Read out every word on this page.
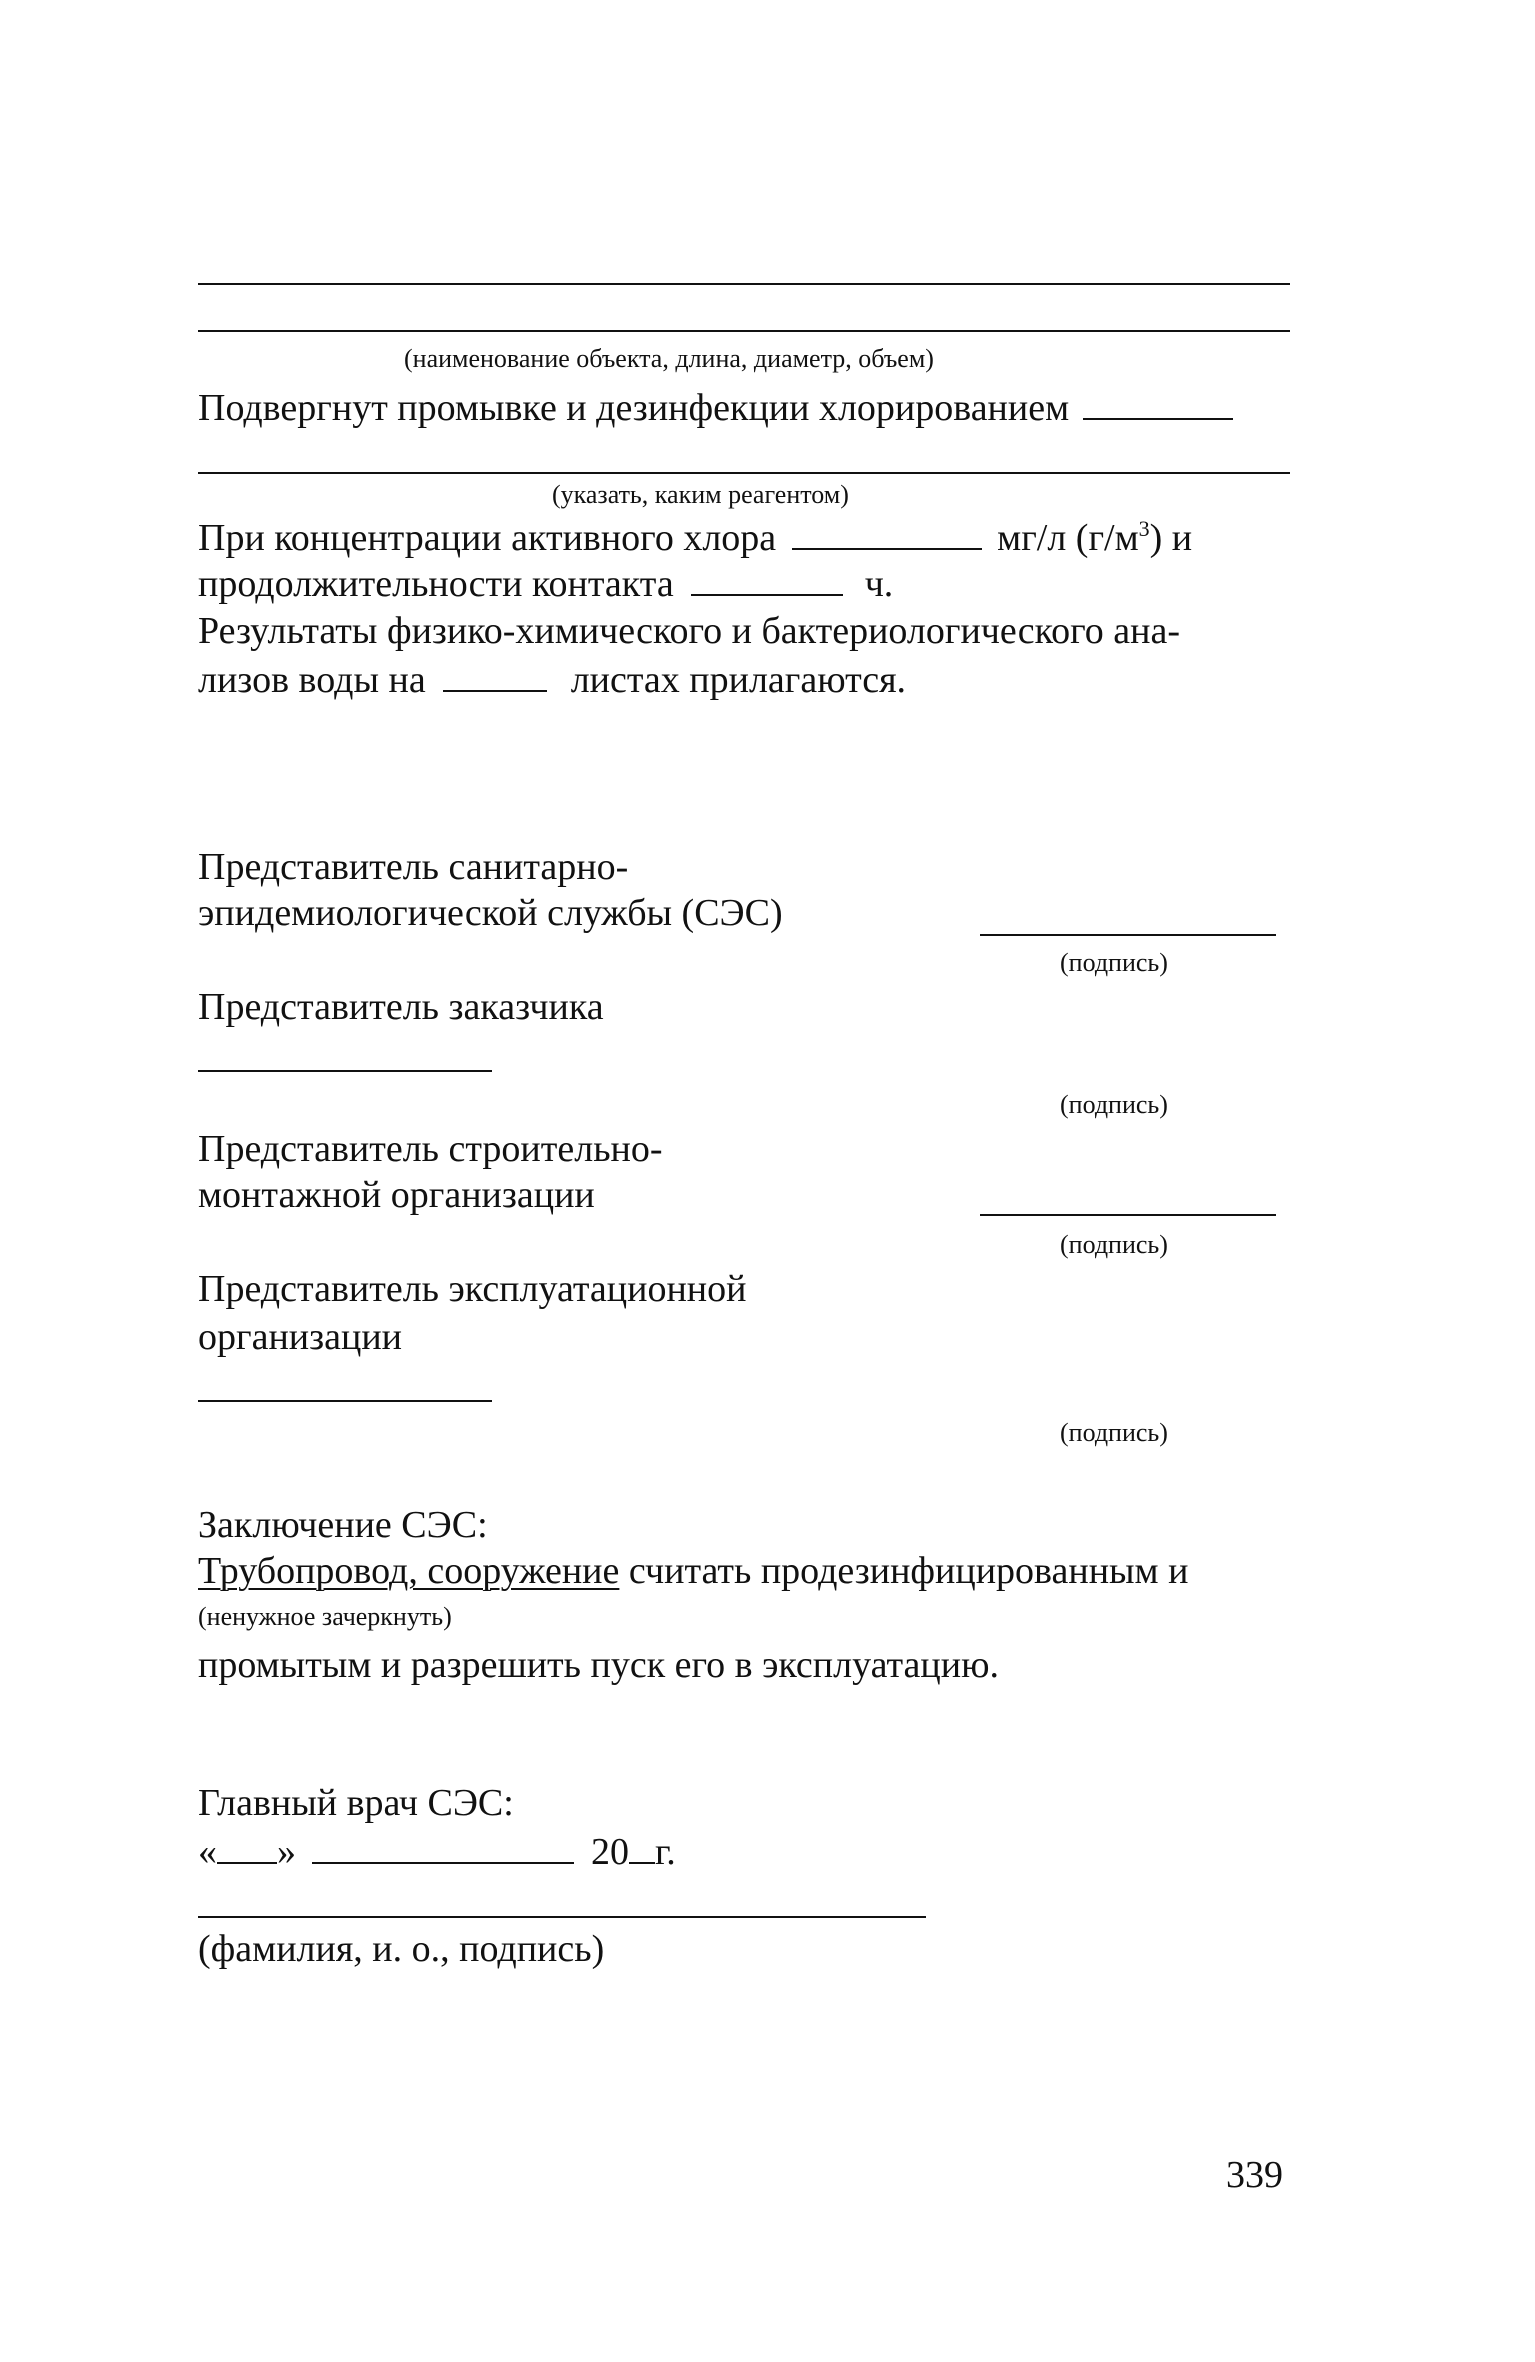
(наименование объекта, длина, диаметр, объем)
Подвергнут промывке и дезинфекции хлорированием
(указать, каким реагентом)
При концентрации активного хлора	мг/л $(г/м^3)$ и
продолжительности контакта	ч.
Результаты физико-химического и бактериологического ана-
лизов воды на	листах прилагаются.
Представитель санитарно-
эпидемиологической службы (СЭС)
(подпись)
Представитель заказчика
(подпись)
Представитель строительно-
монтажной организации
(подпись)
Представитель эксплуатационной
организации
(подпись)
Заключение СЭС:
Трубопровод, сооружение считать продезинфицированным и
(ненужное зачеркнуть)
промытым и разрешить пуск его в эксплуатацию.
Главный врач СЭС:
« »	20 г.
(фамилия, и. о., подпись)
339
